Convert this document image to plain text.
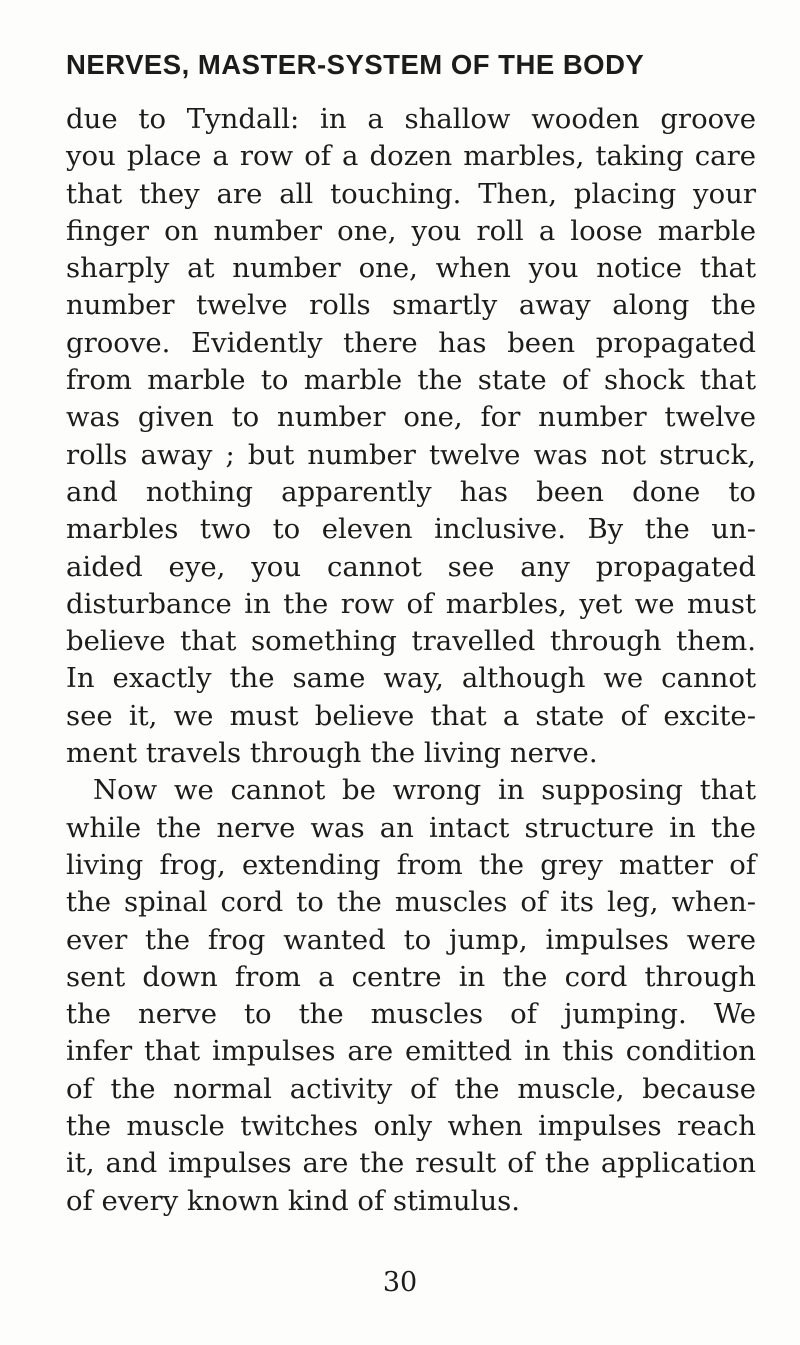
NERVES, MASTER-SYSTEM OF THE BODY
due to Tyndall: in a shallow wooden groove
you place a row of a dozen marbles, taking care
that they are all touching. Then, placing your
finger on number one, you roll a loose marble
sharply at number one, when you notice that
number twelve rolls smartly away along the
groove. Evidently there has been propagated
from marble to marble the state of shock that
was given to number one, for number twelve
rolls away ; but number twelve was not struck,
and nothing apparently has been done to
marbles two to eleven inclusive. By the un-
aided eye, you cannot see any propagated
disturbance in the row of marbles, yet we must
believe that something travelled through them.
In exactly the same way, although we cannot
see it, we must believe that a state of excite-
ment travels through the living nerve.
Now we cannot be wrong in supposing that
while the nerve was an intact structure in the
living frog, extending from the grey matter of
the spinal cord to the muscles of its leg, when-
ever the frog wanted to jump, impulses were
sent down from a centre in the cord through
the nerve to the muscles of jumping. We
infer that impulses are emitted in this condition
of the normal activity of the muscle, because
the muscle twitches only when impulses reach
it, and impulses are the result of the application
of every known kind of stimulus.
30
